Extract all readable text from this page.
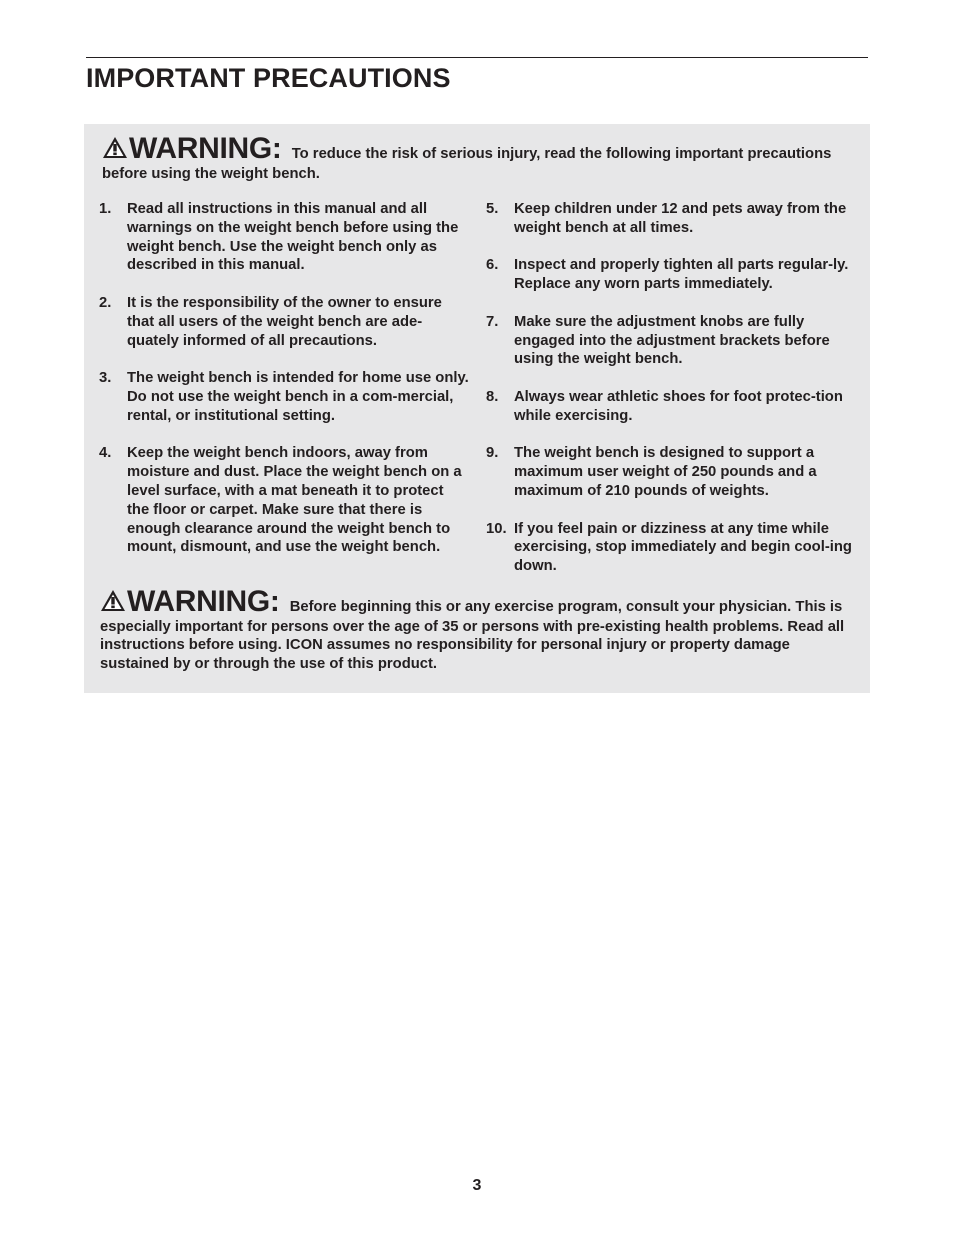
IMPORTANT PRECAUTIONS

WARNING: To reduce the risk of serious injury, read the following important precautions before using the weight bench.

1.	Read all instructions in this manual and all warnings on the weight bench before using the weight bench. Use the weight bench only as described in this manual.
2.	It is the responsibility of the owner to ensure that all users of the weight bench are ade-quately informed of all precautions.
3.	The weight bench is intended for home use only. Do not use the weight bench in a com-mercial, rental, or institutional setting.
4.	Keep the weight bench indoors, away from moisture and dust. Place the weight bench on a level surface, with a mat beneath it to protect the floor or carpet. Make sure that there is enough clearance around the weight bench to mount, dismount, and use the weight bench.
5.	Keep children under 12 and pets away from the weight bench at all times.
6.	Inspect and properly tighten all parts regular-ly. Replace any worn parts immediately.
7.	Make sure the adjustment knobs are fully engaged into the adjustment brackets before using the weight bench.
8.	Always wear athletic shoes for foot protec-tion while exercising.
9.	The weight bench is designed to support a maximum user weight of 250 pounds and a maximum of 210 pounds of weights.
10. If you feel pain or dizziness at any time while exercising, stop immediately and begin cool-ing down.

WARNING: Before beginning this or any exercise program, consult your physician. This is especially important for persons over the age of 35 or persons with pre-existing health problems. Read all instructions before using. ICON assumes no responsibility for personal injury or property damage sustained by or through the use of this product.

3
